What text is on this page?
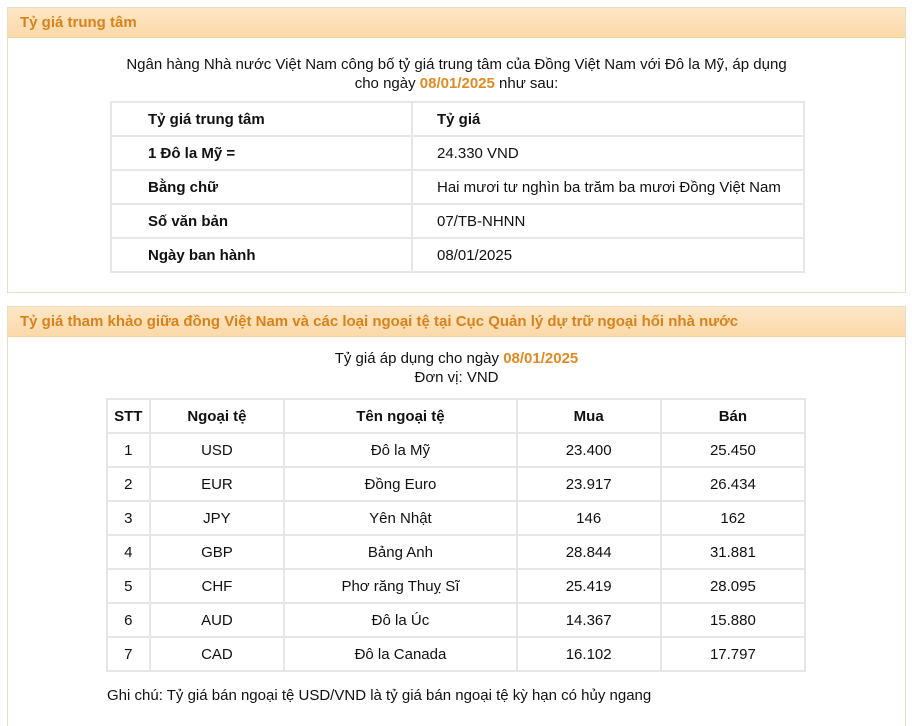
Tỷ giá trung tâm
Ngân hàng Nhà nước Việt Nam công bố tỷ giá trung tâm của Đồng Việt Nam với Đô la Mỹ, áp dụng
cho ngày 08/01/2025 như sau:
Tỷ giá trung tâm	Tỷ giá
1 Đô la Mỹ =	24.330 VND
Bằng chữ	Hai mươi tư nghìn ba trăm ba mươi Đồng Việt Nam
Số văn bản	07/TB-NHNN
Ngày ban hành	08/01/2025
Tỷ giá tham khảo giữa đồng Việt Nam và các loại ngoại tệ tại Cục Quản lý dự trữ ngoại hối nhà nước
Tỷ giá áp dụng cho ngày 08/01/2025
Đơn vị: VND
STT	Ngoại tệ	Tên ngoại tệ	Mua	Bán
1	USD	Đô la Mỹ	23.400	25.450
2	EUR	Đồng Euro	23.917	26.434
3	JPY	Yên Nhật	146	162
4	GBP	Bảng Anh	28.844	31.881
5	CHF	Phơ răng Thuỵ Sĩ	25.419	28.095
6	AUD	Đô la Úc	14.367	15.880
7	CAD	Đô la Canada	16.102	17.797
Ghi chú: Tỷ giá bán ngoại tệ USD/VND là tỷ giá bán ngoại tệ kỳ hạn có hủy ngang
